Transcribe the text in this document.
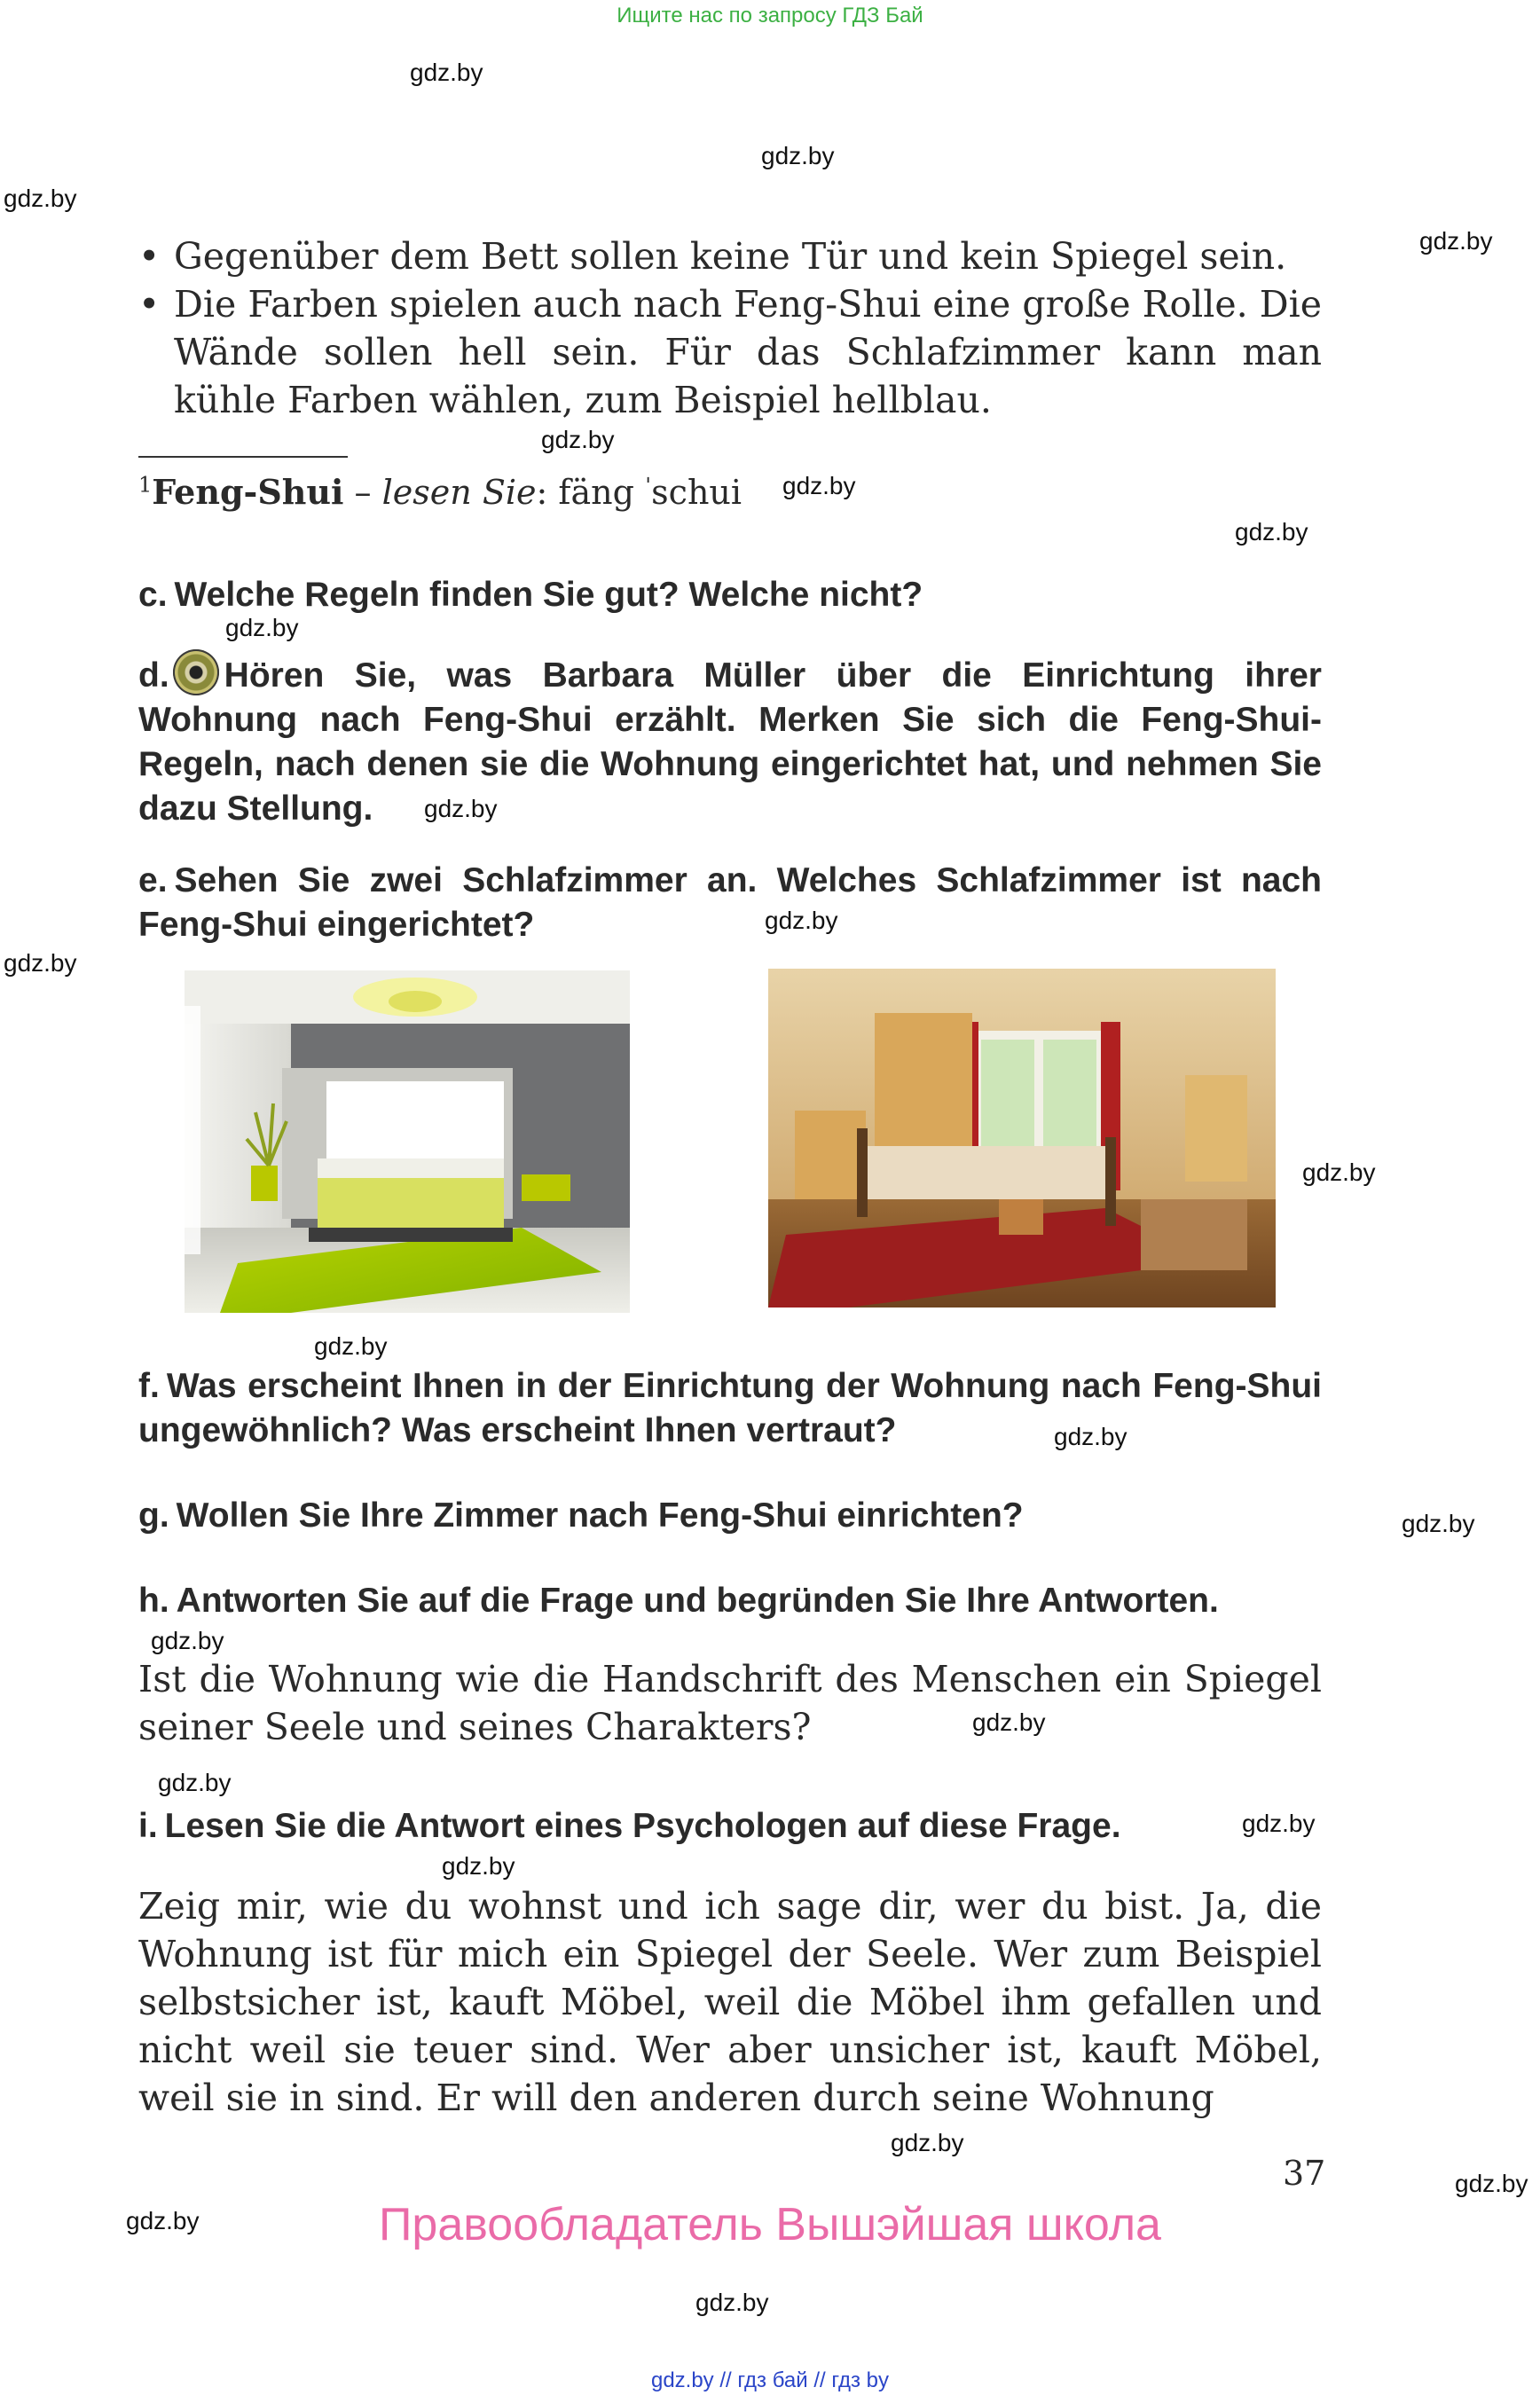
Ищите нас по запросу ГДЗ Бай
gdz.by
gdz.by
gdz.by
gdz.by
gdz.by
gdz.by
gdz.by
gdz.by
gdz.by
gdz.by
gdz.by
gdz.by
gdz.by
gdz.by
gdz.by
gdz.by
gdz.by
gdz.by
gdz.by
gdz.by
gdz.by
gdz.by
gdz.by
gdz.by
• Gegenüber dem Bett sollen keine Tür und kein Spiegel sein.
• Die Farben spielen auch nach Feng-Shui eine große Rolle. Die Wände sollen hell sein. Für das Schlafzimmer kann man kühle Farben wählen, zum Beispiel hellblau.
$^1$Feng-Shui – lesen Sie: fäng $^ˈ$schui
c. Welche Regeln finden Sie gut? Welche nicht?
d. Hören Sie, was Barbara Müller über die Einrichtung ihrer Wohnung nach Feng-Shui erzählt. Merken Sie sich die Feng-Shui-Regeln, nach denen sie die Wohnung eingerichtet hat, und nehmen Sie dazu Stellung.
e. Sehen Sie zwei Schlafzimmer an. Welches Schlafzimmer ist nach Feng-Shui eingerichtet?
f. Was erscheint Ihnen in der Einrichtung der Wohnung nach Feng-Shui ungewöhnlich? Was erscheint Ihnen vertraut?
g. Wollen Sie Ihre Zimmer nach Feng-Shui einrichten?
h. Antworten Sie auf die Frage und begründen Sie Ihre Antworten.
Ist die Wohnung wie die Handschrift des Menschen ein Spiegel seiner Seele und seines Charakters?
i. Lesen Sie die Antwort eines Psychologen auf diese Frage.
Zeig mir, wie du wohnst und ich sage dir, wer du bist. Ja, die Wohnung ist für mich ein Spiegel der Seele. Wer zum Beispiel selbstsicher ist, kauft Möbel, weil die Möbel ihm gefallen und nicht weil sie teuer sind. Wer aber unsicher ist, kauft Möbel, weil sie in sind. Er will den anderen durch seine Wohnung
37
Правообладатель Вышэйшая школа
gdz.by // гдз бай // гдз by
